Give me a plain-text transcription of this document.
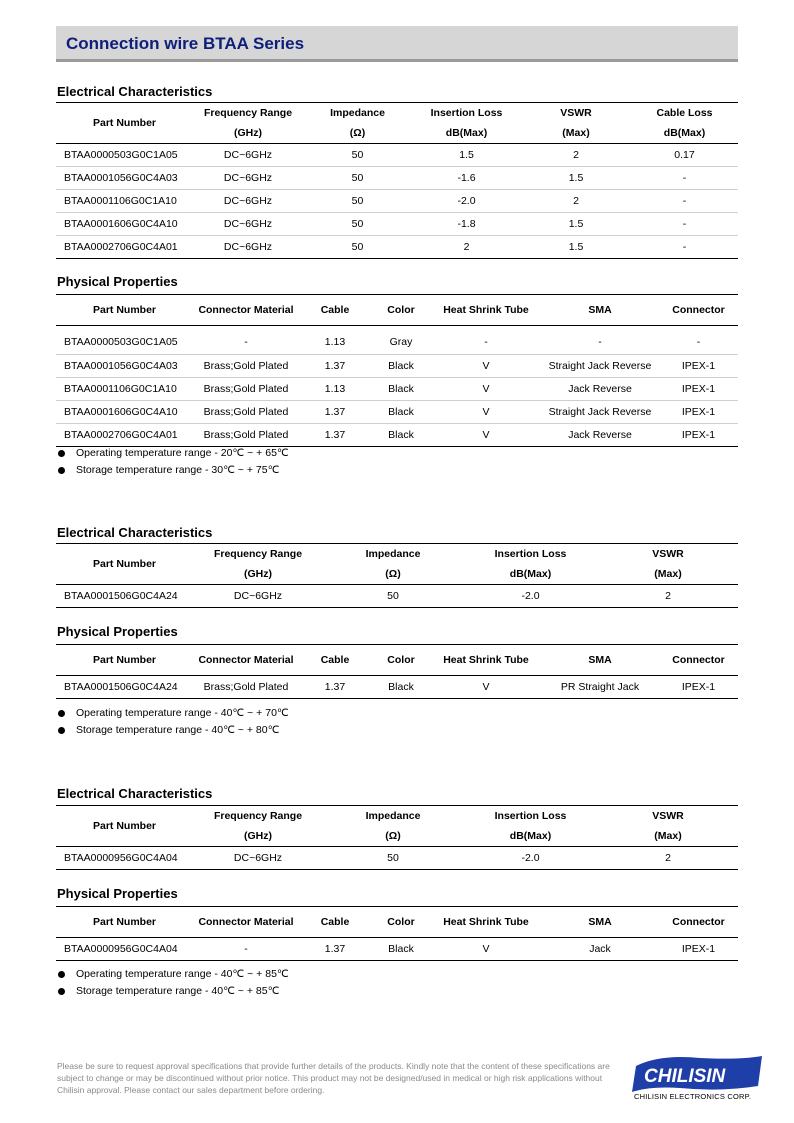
Connection wire BTAA Series
Electrical Characteristics
Part Number	Frequency Range	Impedance	Insertion Loss	VSWR	Cable Loss
	(GHz)	(Ω)	dB(Max)	(Max)	dB(Max)
BTAA0000503G0C1A05	DC~6GHz	50	1.5	2	0.17
BTAA0001056G0C4A03	DC~6GHz	50	-1.6	1.5	-
BTAA0001106G0C1A10	DC~6GHz	50	-2.0	2	-
BTAA0001606G0C4A10	DC~6GHz	50	-1.8	1.5	-
BTAA0002706G0C4A01	DC~6GHz	50	2	1.5	-
Physical Properties
Part Number	Connector Material	Cable	Color	Heat Shrink Tube	SMA	Connector
BTAA0000503G0C1A05	-	1.13	Gray	-	-	-
BTAA0001056G0C4A03	Brass;Gold Plated	1.37	Black	V	Straight Jack Reverse	IPEX-1
BTAA0001106G0C1A10	Brass;Gold Plated	1.13	Black	V	Jack Reverse	IPEX-1
BTAA0001606G0C4A10	Brass;Gold Plated	1.37	Black	V	Straight Jack Reverse	IPEX-1
BTAA0002706G0C4A01	Brass;Gold Plated	1.37	Black	V	Jack Reverse	IPEX-1
Operating temperature range - 20℃ ~ + 65℃
Storage temperature range - 30℃ ~ + 75℃
Electrical Characteristics
Part Number	Frequency Range	Impedance	Insertion Loss	VSWR
	(GHz)	(Ω)	dB(Max)	(Max)
BTAA0001506G0C4A24	DC~6GHz	50	-2.0	2
Physical Properties
Part Number	Connector Material	Cable	Color	Heat Shrink Tube	SMA	Connector
BTAA0001506G0C4A24	Brass;Gold Plated	1.37	Black	V	PR Straight Jack	IPEX-1
Operating temperature range - 40℃ ~ + 70℃
Storage temperature range - 40℃ ~ + 80℃
Electrical Characteristics
Part Number	Frequency Range	Impedance	Insertion Loss	VSWR
	(GHz)	(Ω)	dB(Max)	(Max)
BTAA0000956G0C4A04	DC~6GHz	50	-2.0	2
Physical Properties
Part Number	Connector Material	Cable	Color	Heat Shrink Tube	SMA	Connector
BTAA0000956G0C4A04	-	1.37	Black	V	Jack	IPEX-1
Operating temperature range - 40℃ ~ + 85℃
Storage temperature range - 40℃ ~ + 85℃
Please be sure to request approval specifications that provide further details of the products. Kindly note that the content of these specifications are subject to change or may be discontinued without prior notice. This product may not be designed/used in medical or high risk applications without Chilisin approval. Please contact our sales department before ordering.
CHILISIN
CHILISIN ELECTRONICS CORP.
